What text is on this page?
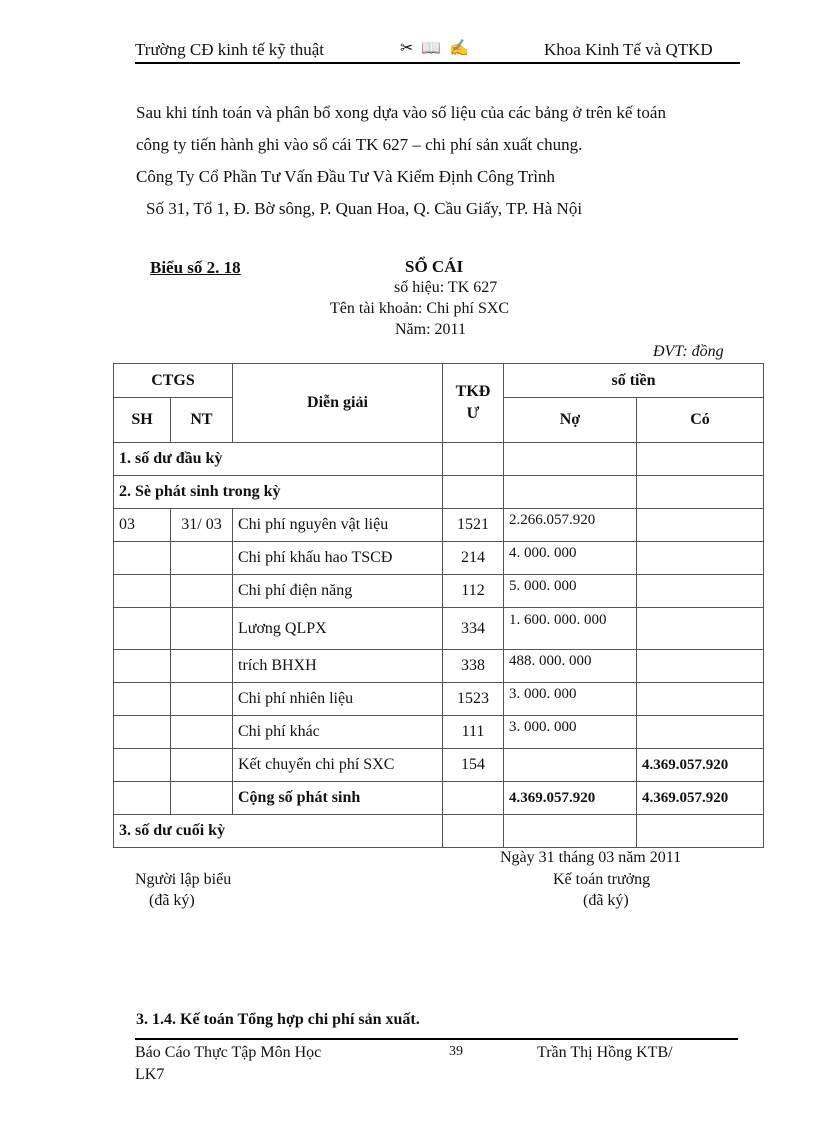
Trường CĐ kinh tế kỹ thuật	✂ 📖 ✍	Khoa Kinh Tế và QTKD
Sau khi tính toán và phân bổ xong dựa vào số liệu của các bảng ở trên kế toán
công ty tiến hành ghi vào sổ cái TK 627 – chi phí sản xuất chung.
Công Ty Cổ Phần Tư Vấn Đầu Tư Và Kiểm Định Công Trình
Số 31, Tổ 1, Đ. Bờ sông, P. Quan Hoa, Q. Cầu Giấy, TP. Hà Nội
Biểu số 2. 18	SỔ CÁI
số hiệu: TK 627
Tên tài khoản: Chi phí SXC
Năm: 2011
ĐVT: đồng
CTGS		Diễn giải	TKĐ Ư	số tiền	
SH	NT			Nợ	Có
1. số dư đầu kỳ					
2. Sè phát sinh trong kỳ					
03	31/ 03	Chi phí nguyên vật liệu	1521	2.266.057.920	
		Chi phí khấu hao TSCĐ	214	4. 000. 000	
		Chi phí điện năng	112	5. 000. 000	
		Lương QLPX	334	1. 600. 000. 000	
		trích BHXH	338	488. 000. 000	
		Chi phí nhiên liệu	1523	3. 000. 000	
		Chi phí khác	111	3. 000. 000	
		Kết chuyển chi phí SXC	154		4.369.057.920
		Cộng số phát sinh		4.369.057.920	4.369.057.920
3. số dư cuối kỳ					
Ngày 31 tháng 03 năm 2011
Người lập biểu
(đã ký)
Kế toán trưởng
(đã ký)
3. 1.4. Kế toán Tổng hợp chi phí sản xuất.
Báo Cáo Thực Tập Môn Học
LK7
39	Trần Thị Hồng KTB/
